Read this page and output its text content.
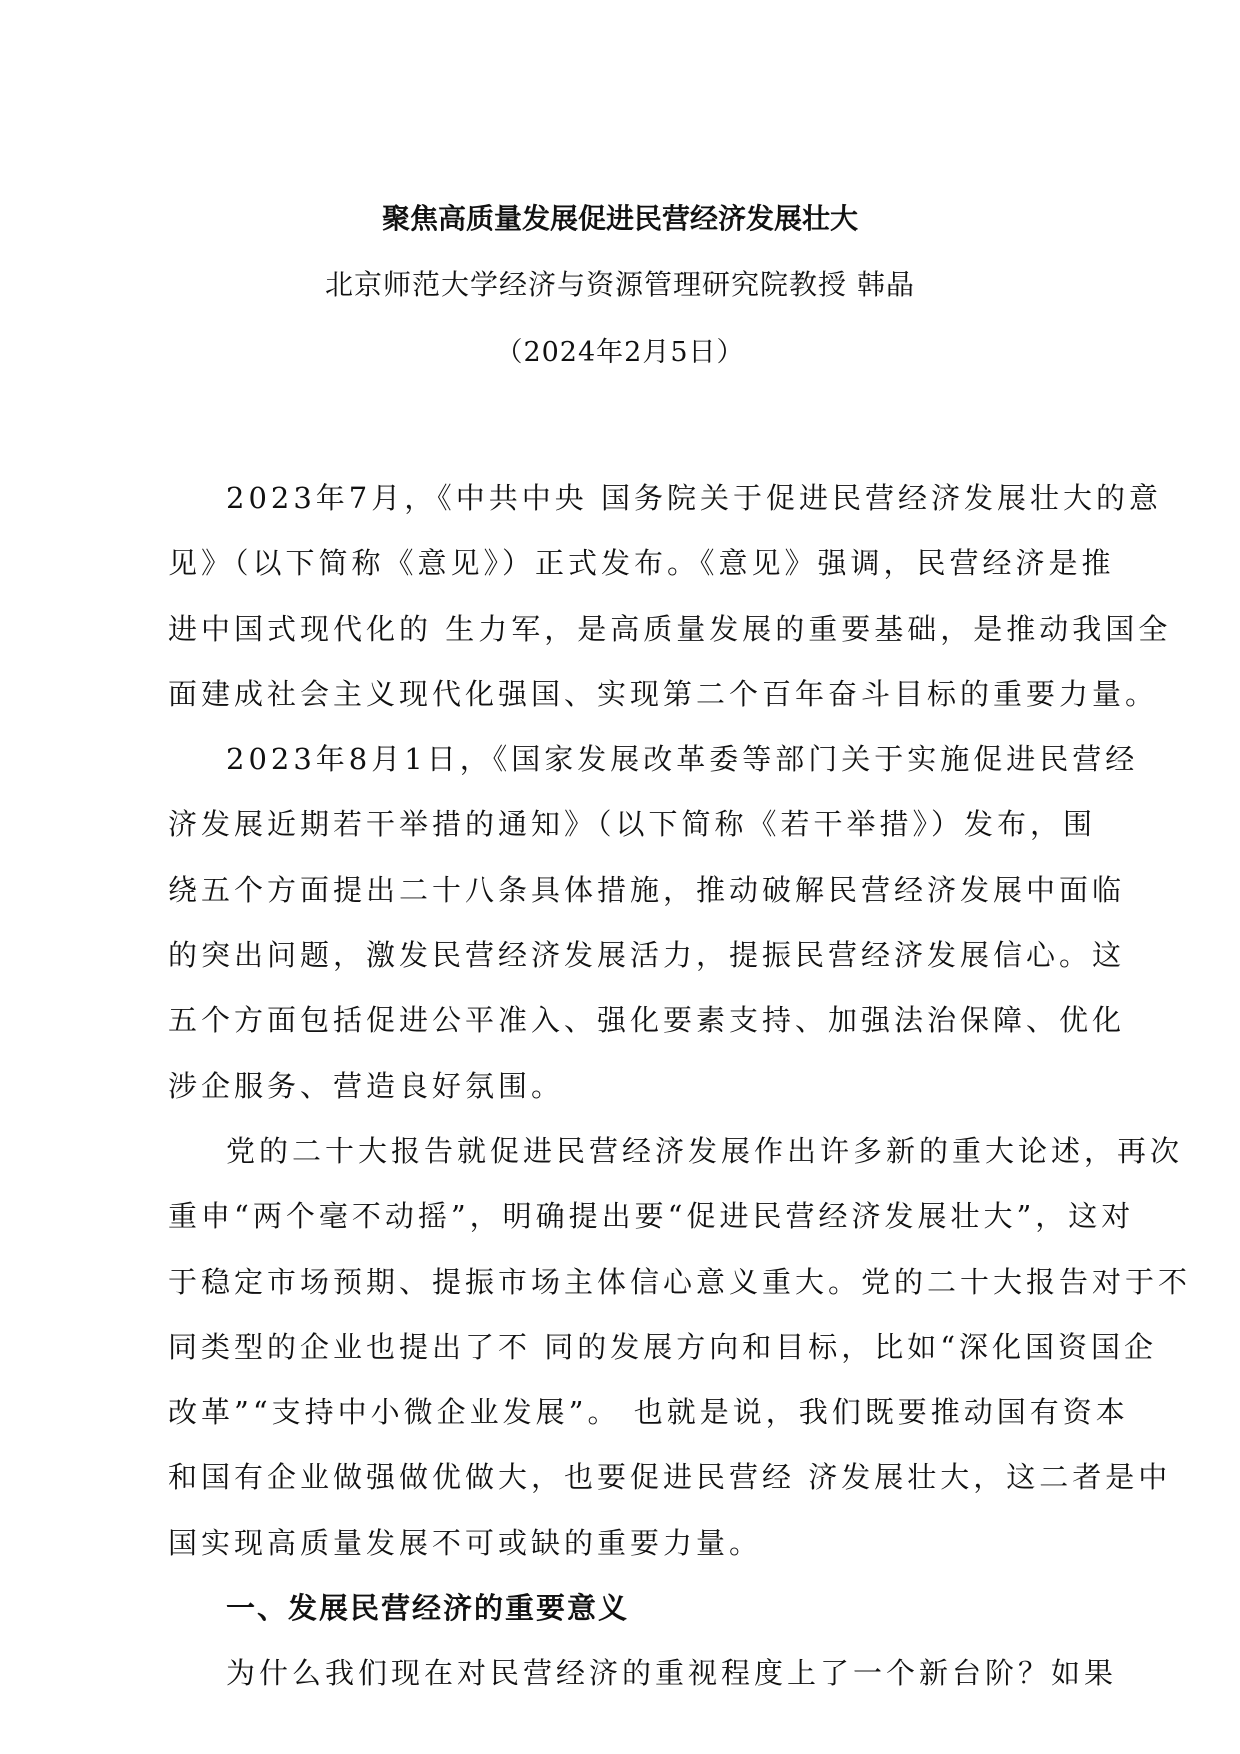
聚焦高质量发展促进民营经济发展壮大
北京师范大学经济与资源管理研究院教授 韩晶
（2024年2月5日）
2023年7月，《中共中央 国务院关于促进民营经济发展壮大的意
见》（以下简称《意见》）正式发布。《意见》强调，民营经济是推
进中国式现代化的 生力军，是高质量发展的重要基础，是推动我国全
面建成社会主义现代化强国、实现第二个百年奋斗目标的重要力量。
2023年8月1日，《国家发展改革委等部门关于实施促进民营经
济发展近期若干举措的通知》（以下简称《若干举措》）发布，围
绕五个方面提出二十八条具体措施，推动破解民营经济发展中面临
的突出问题，激发民营经济发展活力，提振民营经济发展信心。这
五个方面包括促进公平准入、强化要素支持、加强法治保障、优化
涉企服务、营造良好氛围。
党的二十大报告就促进民营经济发展作出许多新的重大论述，再次
重申“两个毫不动摇”，明确提出要“促进民营经济发展壮大”，这对
于稳定市场预期、提振市场主体信心意义重大。党的二十大报告对于不
同类型的企业也提出了不 同的发展方向和目标，比如“深化国资国企
改革”“支持中小微企业发展”。 也就是说，我们既要推动国有资本
和国有企业做强做优做大，也要促进民营经 济发展壮大，这二者是中
国实现高质量发展不可或缺的重要力量。
一、发展民营经济的重要意义
为什么我们现在对民营经济的重视程度上了一个新台阶？如果
